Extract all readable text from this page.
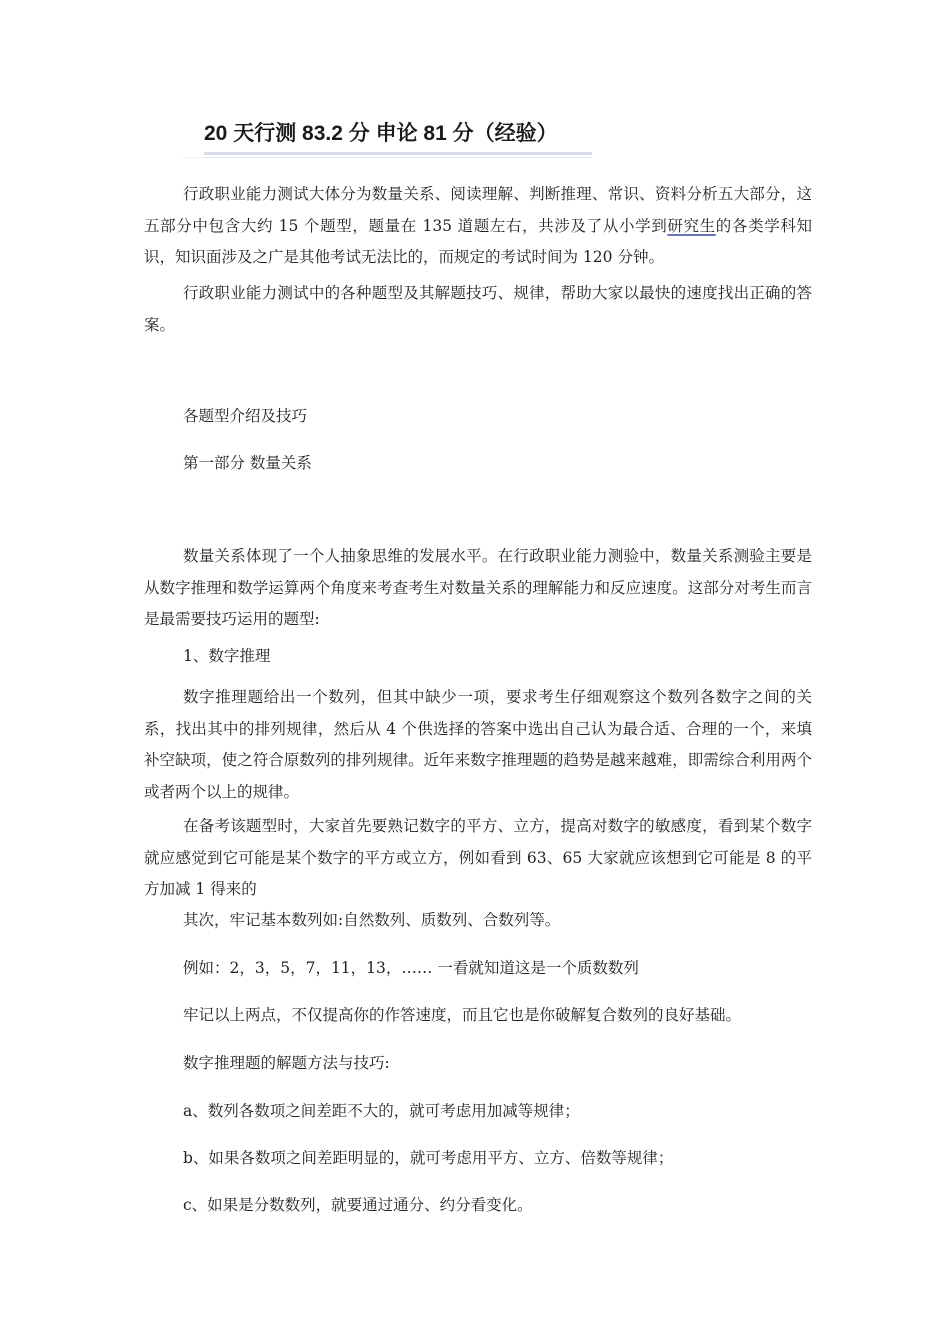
20 天行测 83.2 分 申论 81 分（经验）

行政职业能力测试大体分为数量关系、阅读理解、判断推理、常识、资料分析五大部分，这五部分中包含大约 15 个题型，题量在 135 道题左右，共涉及了从小学到研究生的各类学科知识，知识面涉及之广是其他考试无法比的，而规定的考试时间为 120 分钟。

行政职业能力测试中的各种题型及其解题技巧、规律，帮助大家以最快的速度找出正确的答案。

各题型介绍及技巧

第一部分 数量关系

数量关系体现了一个人抽象思维的发展水平。在行政职业能力测验中，数量关系测验主要是从数字推理和数学运算两个角度来考查考生对数量关系的理解能力和反应速度。这部分对考生而言是最需要技巧运用的题型:

1、数字推理

数字推理题给出一个数列，但其中缺少一项，要求考生仔细观察这个数列各数字之间的关系，找出其中的排列规律，然后从 4 个供选择的答案中选出自己认为最合适、合理的一个，来填补空缺项，使之符合原数列的排列规律。近年来数字推理题的趋势是越来越难，即需综合利用两个或者两个以上的规律。

在备考该题型时，大家首先要熟记数字的平方、立方，提高对数字的敏感度，看到某个数字就应感觉到它可能是某个数字的平方或立方，例如看到 63、65 大家就应该想到它可能是 8 的平方加减 1 得来的

其次，牢记基本数列如:自然数列、质数列、合数列等。

例如：2，3，5，7，11，13，…… 一看就知道这是一个质数数列

牢记以上两点，不仅提高你的作答速度，而且它也是你破解复合数列的良好基础。

数字推理题的解题方法与技巧:

a、数列各数项之间差距不大的，就可考虑用加减等规律；

b、如果各数项之间差距明显的，就可考虑用平方、立方、倍数等规律；

c、如果是分数数列，就要通过通分、约分看变化。
